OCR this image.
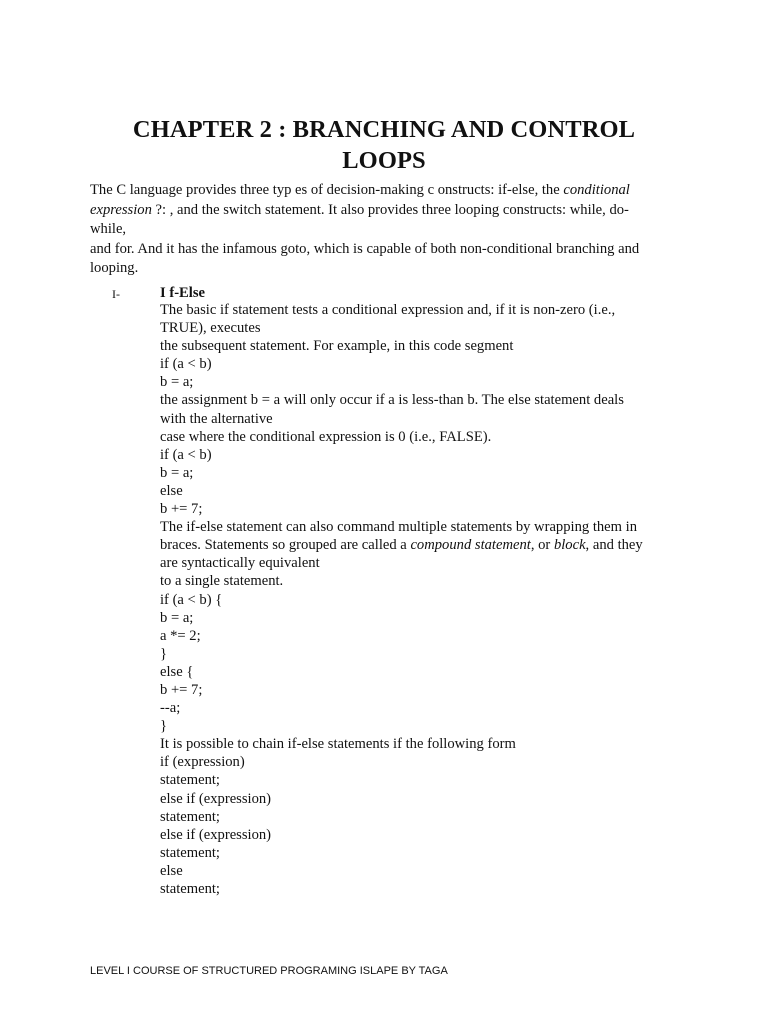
CHAPTER 2 : BRANCHING AND CONTROL
LOOPS
The C language provides three typ es of decision-making c onstructs: if-else, the conditional
expression ?: , and the switch statement. It also provides three looping constructs: while, do-
while,
and for. And it has the infamous goto, which is capable of both non-conditional branching and
looping.
I-	I f-Else
The basic if statement tests a conditional expression and, if it is non-zero (i.e.,
TRUE), executes
the subsequent statement. For example, in this code segment
if (a < b)
b = a;
the assignment b = a will only occur if a is less-than b. The else statement deals
with the alternative
case where the conditional expression is 0 (i.e., FALSE).
if (a < b)
b = a;
else
b += 7;
The if-else statement can also command multiple statements by wrapping them in
braces. Statements so grouped are called a compound statement, or block, and they
are syntactically equivalent
to a single statement.
if (a < b) {
b = a;
a *= 2;
}
else {
b += 7;
--a;
}
It is possible to chain if-else statements if the following form
if (expression)
statement;
else if (expression)
statement;
else if (expression)
statement;
else
statement;
LEVEL I COURSE OF STRUCTURED PROGRAMING ISLAPE BY TAGA
